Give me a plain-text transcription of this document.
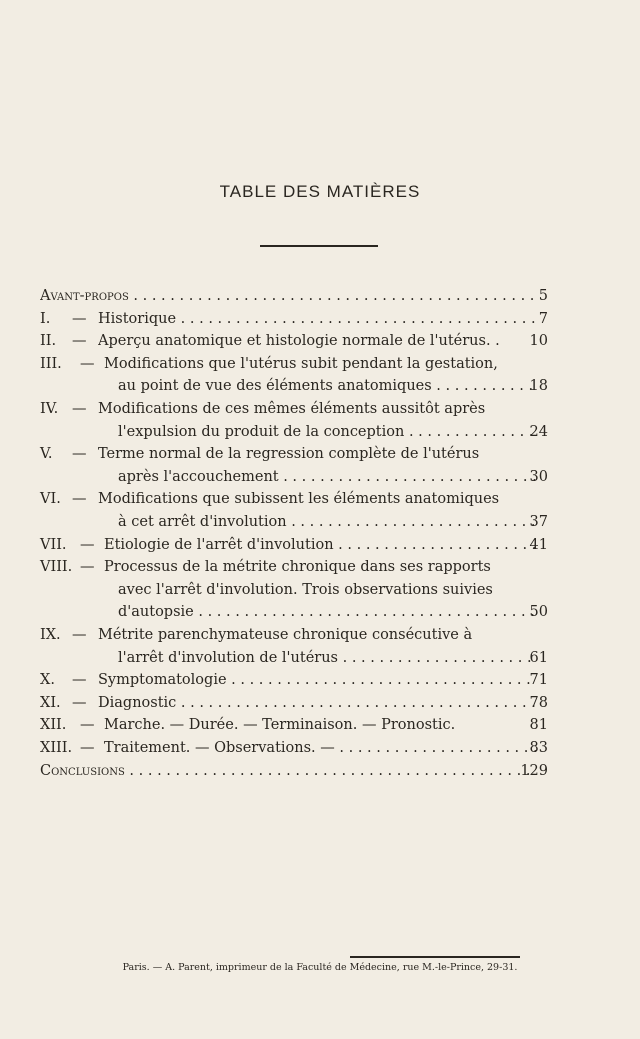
TABLE DES MATIÈRES
Avant-propos . . .	5
I. — Historique . . .	7
II. — Aperçu anatomique et histologie normale de l'utérus. .	10
III. — Modifications que l'utérus subit pendant la gestation,
au point de vue des éléments anatomiques . . . . . .	18
IV. — Modifications de ces mêmes éléments aussitôt après
l'expulsion du produit de la conception . . .	24
V. — Terme normal de la regression complète de l'utérus
après l'accouchement . . .	30
VI. — Modifications que subissent les éléments anatomiques
à cet arrêt d'involution . . .	37
VII. — Etiologie de l'arrêt d'involution . . .	41
VIII. — Processus de la métrite chronique dans ses rapports
avec l'arrêt d'involution. Trois observations suivies
d'autopsie . . .	50
IX. — Métrite parenchymateuse chronique consécutive à
l'arrêt d'involution de l'utérus . . .	61
X. — Symptomatologie . . .	71
XI. — Diagnostic . . .	78
XII. — Marche. — Durée. — Terminaison. — Pronostic.	81
XIII. — Traitement. — Observations. — . . .	83
Conclusions . . .	129
Paris. — A. Parent, imprimeur de la Faculté de Médecine, rue M.-le-Prince, 29-31.
